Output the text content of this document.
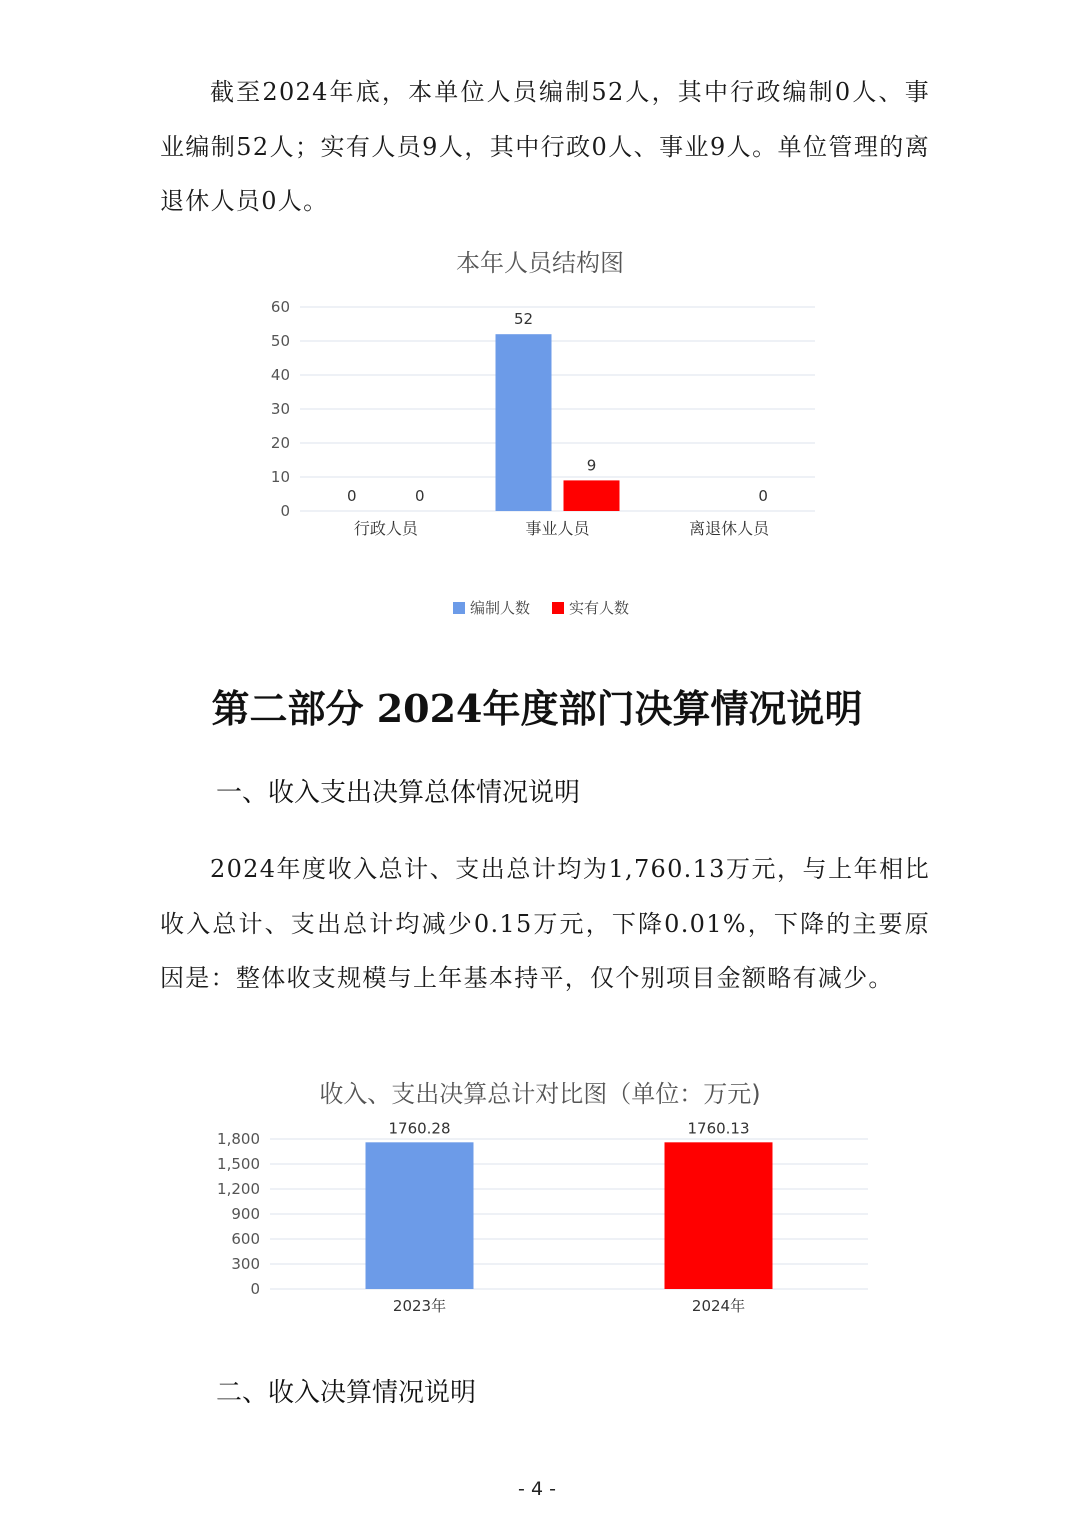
截至2024年底，本单位人员编制52人，其中行政编制0人、事业编制52人；实有人员9人，其中行政0人、事业9人。单位管理的离退休人员0人。

本年人员结构图
0
10
20
30
40
50
60
行政人员
0	0
事业人员
52
9
离退休人员
0
编制人数	实有人数
第二部分 2024年度部门决算情况说明
一、收入支出决算总体情况说明

2024年度收入总计、支出总计均为1,760.13万元，与上年相比收入总计、支出总计均减少0.15万元，下降0.01%，下降的主要原因是：整体收支规模与上年基本持平，仅个别项目金额略有减少。

收入、支出决算总计对比图（单位：万元)
0
300
600
900
1,200
1,500
1,800
1760.28
2023年
1760.13
2024年
二、收入决算情况说明
- 4 -
